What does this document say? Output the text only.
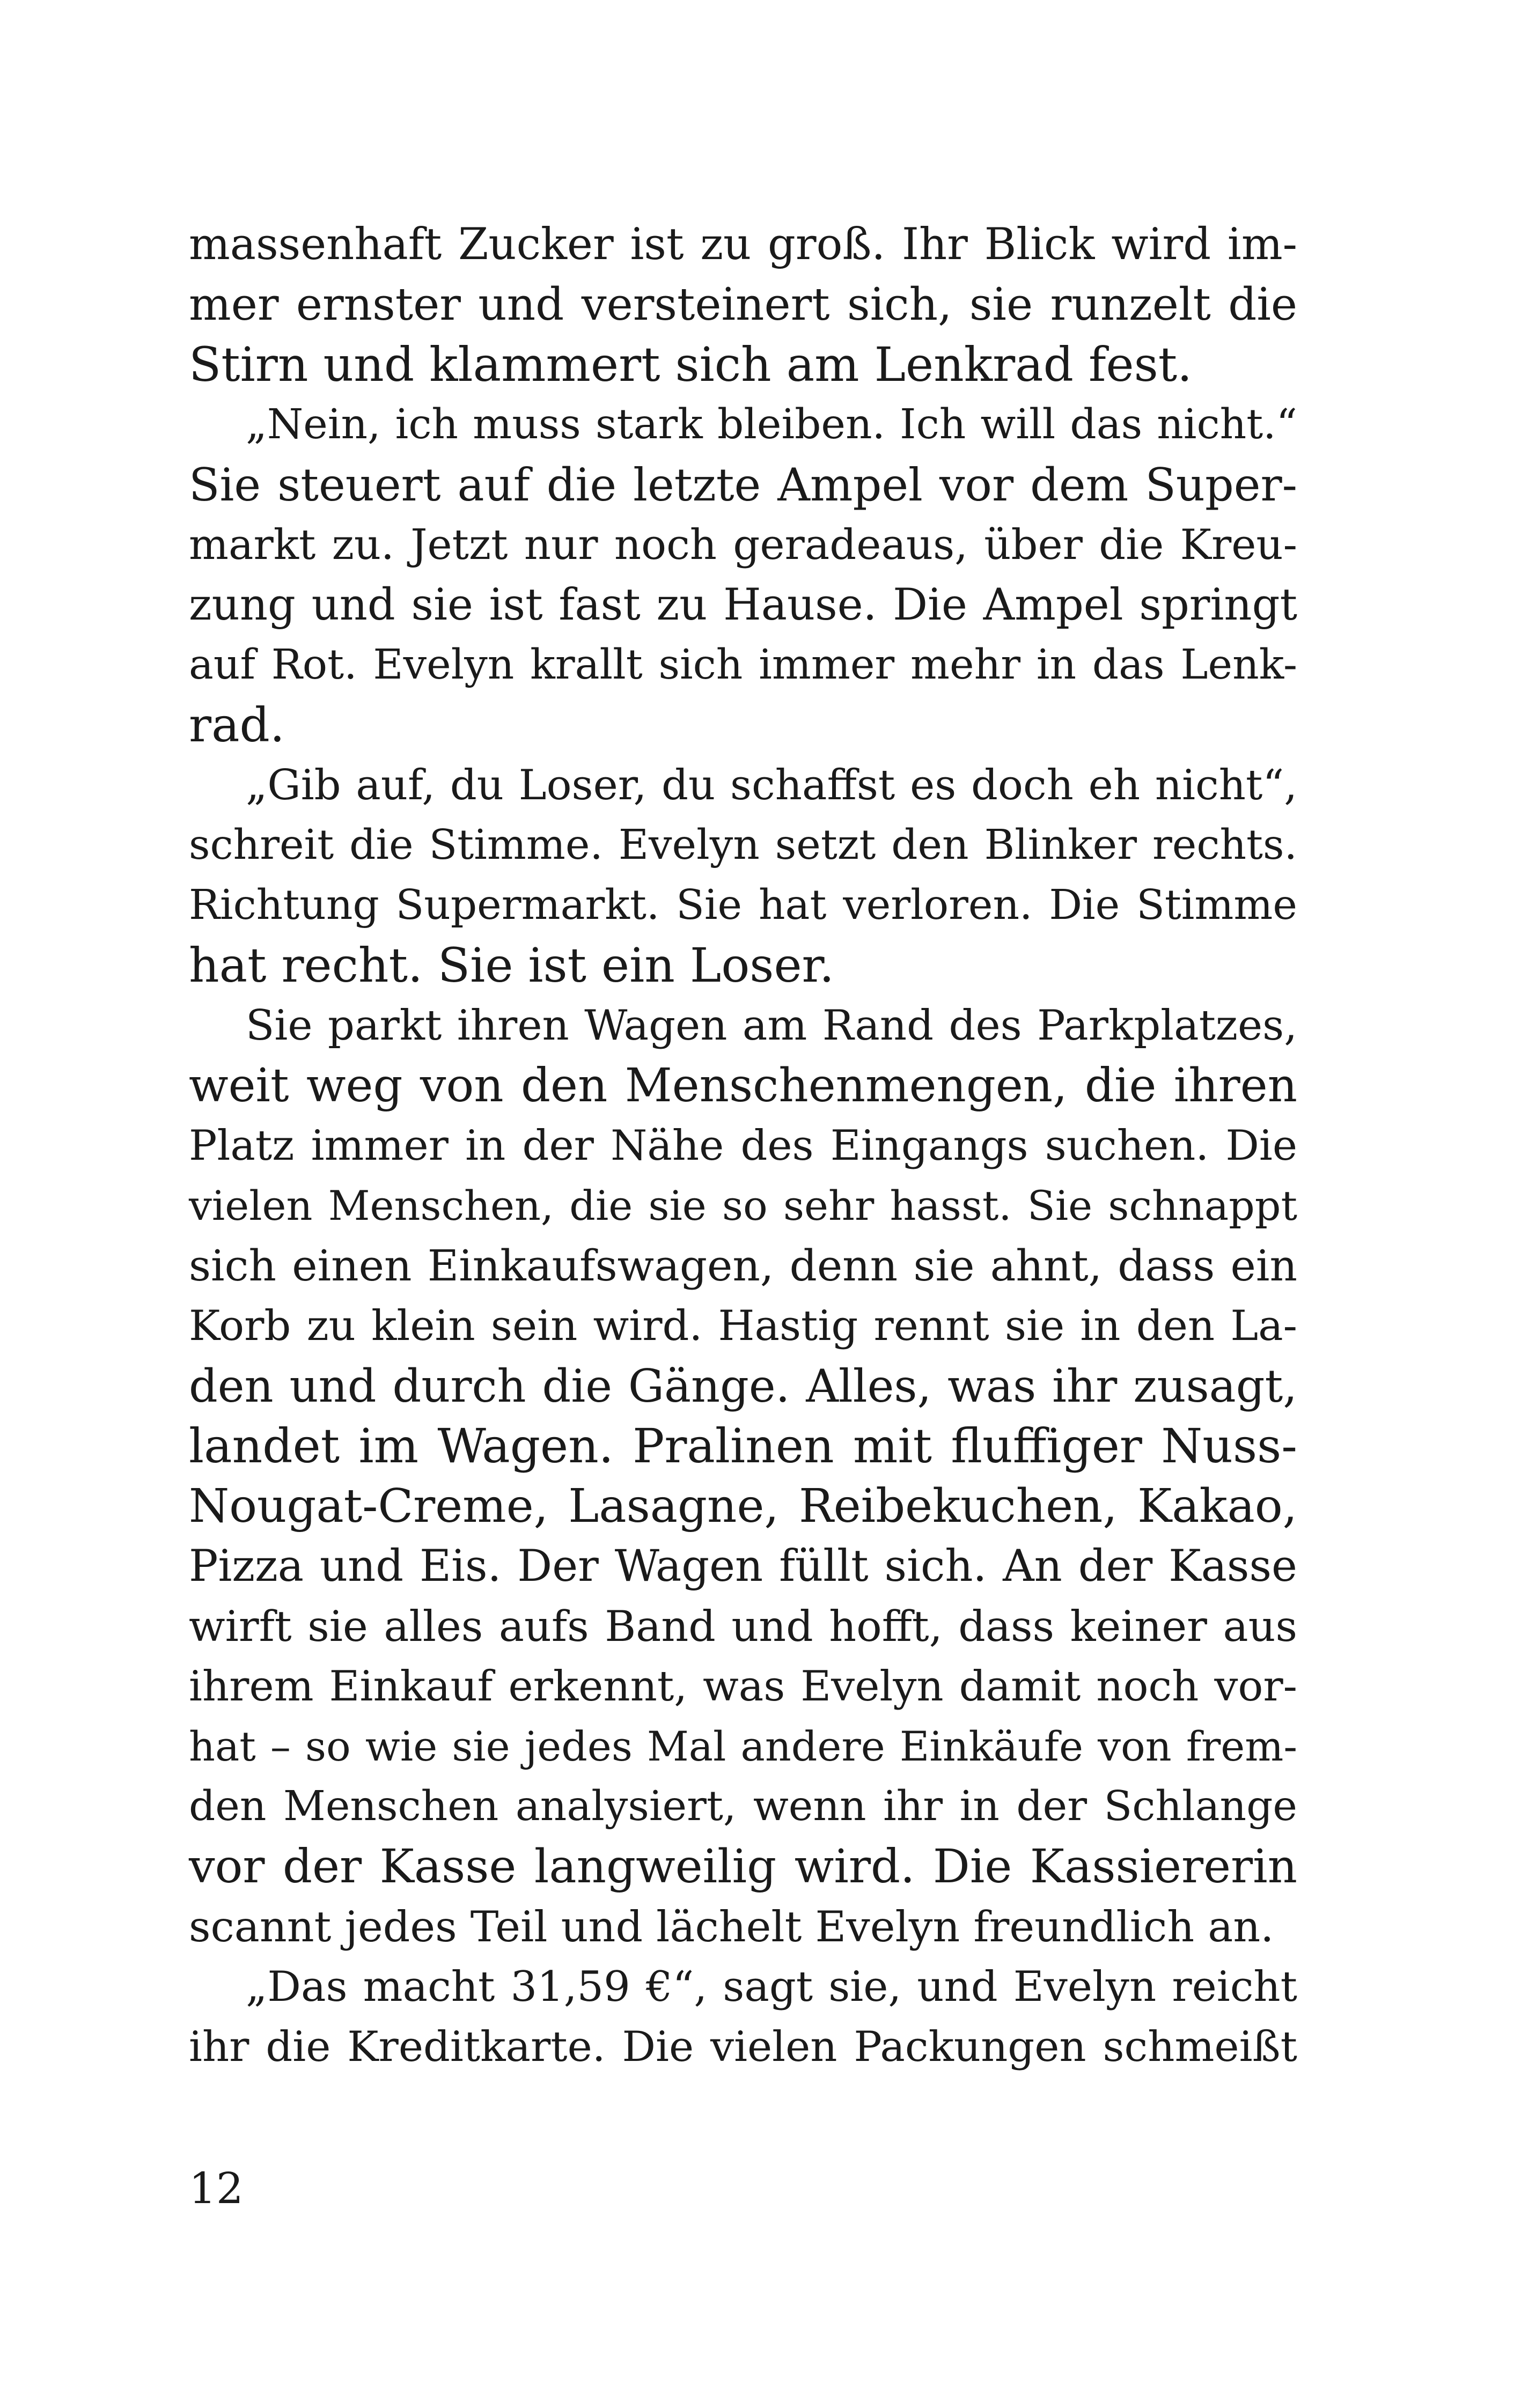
massenhaft Zucker ist zu groß. Ihr Blick wird im-
mer ernster und versteinert sich, sie runzelt die
Stirn und klammert sich am Lenkrad fest.
„Nein, ich muss stark bleiben. Ich will das nicht.“
Sie steuert auf die letzte Ampel vor dem Super-
markt zu. Jetzt nur noch geradeaus, über die Kreu-
zung und sie ist fast zu Hause. Die Ampel springt
auf Rot. Evelyn krallt sich immer mehr in das Lenk-
rad.
„Gib auf, du Loser, du schaffst es doch eh nicht“,
schreit die Stimme. Evelyn setzt den Blinker rechts.
Richtung Supermarkt. Sie hat verloren. Die Stimme
hat recht. Sie ist ein Loser.
Sie parkt ihren Wagen am Rand des Parkplatzes,
weit weg von den Menschenmengen, die ihren
Platz immer in der Nähe des Eingangs suchen. Die
vielen Menschen, die sie so sehr hasst. Sie schnappt
sich einen Einkaufswagen, denn sie ahnt, dass ein
Korb zu klein sein wird. Hastig rennt sie in den La-
den und durch die Gänge. Alles, was ihr zusagt,
landet im Wagen. Pralinen mit fluffiger Nuss-
Nougat-Creme, Lasagne, Reibekuchen, Kakao,
Pizza und Eis. Der Wagen füllt sich. An der Kasse
wirft sie alles aufs Band und hofft, dass keiner aus
ihrem Einkauf erkennt, was Evelyn damit noch vor-
hat – so wie sie jedes Mal andere Einkäufe von frem-
den Menschen analysiert, wenn ihr in der Schlange
vor der Kasse langweilig wird. Die Kassiererin
scannt jedes Teil und lächelt Evelyn freundlich an.
„Das macht 31,59 €“, sagt sie, und Evelyn reicht
ihr die Kreditkarte. Die vielen Packungen schmeißt
12
